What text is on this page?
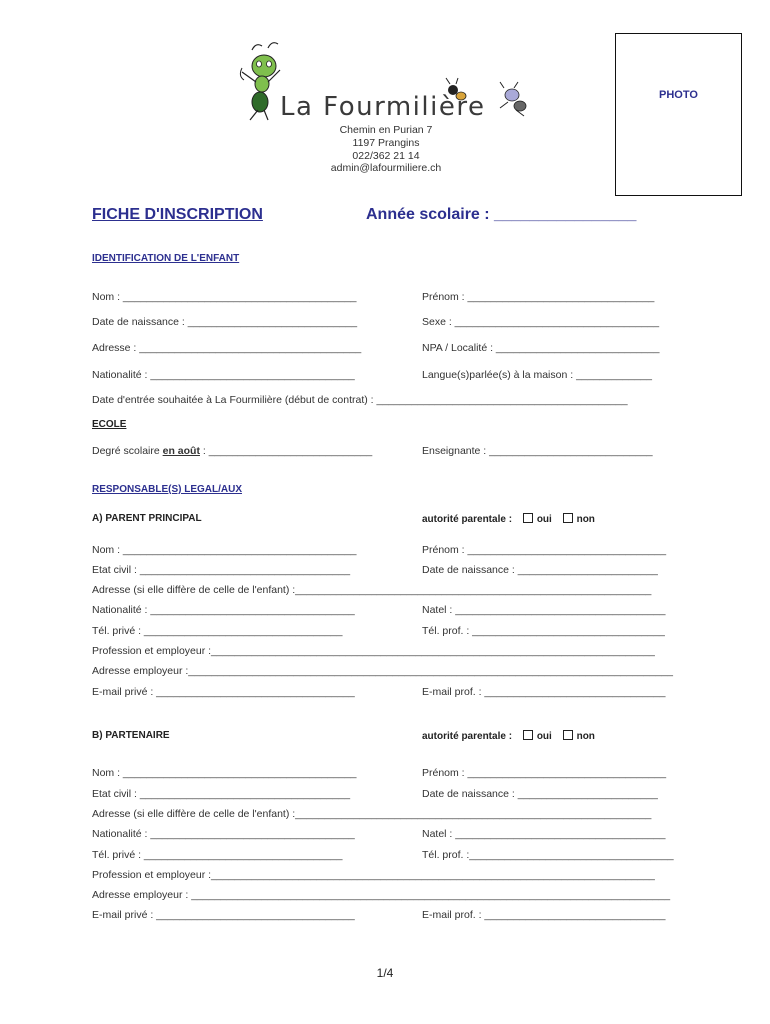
La Fourmilière
Chemin en Purian 7
1197 Prangins
022/362 21 14
admin@lafourmiliere.ch
PHOTO
FICHE D'INSCRIPTION	Année scolaire : ________________
IDENTIFICATION DE L'ENFANT
Nom : ________________________________________	Prénom : ________________________________
Date de naissance : _____________________________	Sexe : ___________________________________
Adresse : ______________________________________	NPA / Localité : ____________________________
Nationalité : ___________________________________	Langue(s)parlée(s) à la maison : _____________
Date d'entrée souhaitée à La Fourmilière (début de contrat) : ___________________________________________
ECOLE
Degré scolaire en août : ____________________________	Enseignante : ____________________________
RESPONSABLE(S) LEGAL/AUX
A) PARENT PRINCIPAL	autorité parentale : oui non
Nom : ________________________________________	Prénom : __________________________________
Etat civil : ____________________________________	Date de naissance : ________________________
Adresse (si elle diffère de celle de l'enfant) :_____________________________________________________________
Nationalité : ___________________________________	Natel : ____________________________________
Tél. privé : __________________________________	Tél. prof. : _________________________________
Profession et employeur :____________________________________________________________________________
Adresse employeur :___________________________________________________________________________________
E-mail privé : __________________________________	E-mail prof. : _______________________________
B) PARTENAIRE	autorité parentale : oui non
Nom : ________________________________________	Prénom : __________________________________
Etat civil : ____________________________________	Date de naissance : ________________________
Adresse (si elle diffère de celle de l'enfant) :_____________________________________________________________
Nationalité : ___________________________________	Natel : ____________________________________
Tél. privé : __________________________________	Tél. prof. :___________________________________
Profession et employeur :____________________________________________________________________________
Adresse employeur : __________________________________________________________________________________
E-mail privé : __________________________________	E-mail prof. : _______________________________
1/4
